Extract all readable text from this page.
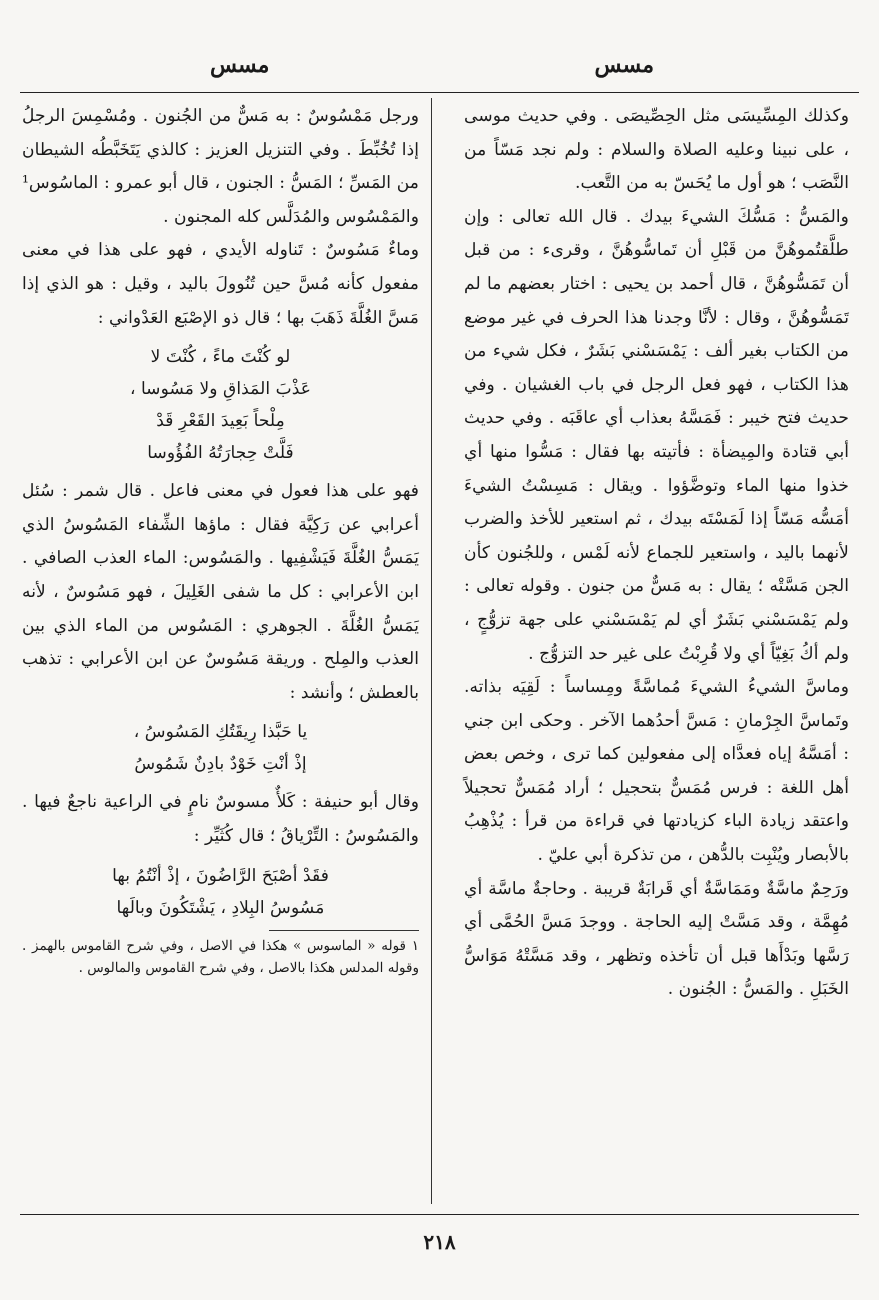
مسس
مسس

وكذلك المِسِّيسَى مثل الحِصِّيصَى . وفي حديث موسى ، على نبينا وعليه الصلاة والسلام : ولم نجد مَسّاً من النَّصَب ؛ هو أول ما يُحَسّ به من التَّعب.

والمَسُّ : مَسُّكَ الشيءَ بيدك . قال الله تعالى : وإن طلَّقتُموهُنَّ من قَبْلِ أن تَماسُّوهُنَّ ، وقرىء : من قبل أن تَمَسُّوهُنَّ ، قال أحمد بن يحيى : اختار بعضهم ما لم تَمَسُّوهُنَّ ، وقال : لأنَّا وجدنا هذا الحرف في غير موضع من الكتاب بغير ألف : يَمْسَسْني بَشَرٌ ، فكل شيء من هذا الكتاب ، فهو فعل الرجل في باب الغشيان . وفي حديث فتح خيبر : فَمَسَّهُ بعذاب أي عاقَبَه . وفي حديث أبي قتادة والمِيضأة : فأتيته بها فقال : مَسُّوا منها أي خذوا منها الماء وتوضَّؤوا . ويقال : مَسِسْتُ الشيءَ أمَسُّه مَسّاً إذا لَمَسْتَه بيدك ، ثم استعير للأخذ والضرب لأنهما باليد ، واستعير للجماع لأنه لَمْس ، وللجُنون كأن الجن مَسَّتْه ؛ يقال : به مَسٌّ من جنون . وقوله تعالى : ولم يَمْسَسْني بَشَرٌ أي لم يَمْسَسْني على جهة تزوُّجٍ ، ولم أكُ بَغِيّاً أي ولا قُرِبْتُ على غير حد التزوُّج .

وماسَّ الشيءُ الشيءَ مُماسَّةً ومِساساً : لَقِيَه بذاته. وتَماسَّ الجِرْمانِ : مَسَّ أحدُهما الآخر . وحكى ابن جني : أمَسَّهُ إياه فعدَّاه إلى مفعولين كما ترى ، وخص بعض أهل اللغة : فرس مُمَسٌّ بتحجيل ؛ أراد مُمَسٌّ تحجيلاً واعتقد زيادة الباء كزيادتها في قراءة من قرأ : يُذْهِبُ بالأبصار ويُنْبِت بالدُّهن ، من تذكرة أبي عليّ .

ورَحِمٌ ماسَّةٌ ومَمَاسَّةٌ أي قَرابَةٌ قريبة . وحاجةٌ ماسَّة أي مُهِمَّة ، وقد مَسَّتْ إليه الحاجة . ووجدَ مَسَّ الحُمَّى أي رَسَّها وبَدْأَها قبل أن تأخذه وتظهر ، وقد مَسَّتْهُ مَوَاسُّ الخَبَلِ . والمَسُّ : الجُنون .

ورجل مَمْسُوسٌ : به مَسٌّ من الجُنون . ومُسْمِسَ الرجلُ إذا تُخُبِّطَ . وفي التنزيل العزيز : كالذي يَتَخَبَّطُه الشيطان من المَسِّ ؛ المَسُّ : الجنون ، قال أبو عمرو : الماسُوس¹ والمَمْسُوس والمُدَلَّس كله المجنون .

وماءٌ مَسُوسٌ : تَناوله الأيدي ، فهو على هذا في معنى مفعول كأنه مُسَّ حين تُنُوولَ باليد ، وقيل : هو الذي إذا مَسَّ الغُلَّةَ ذَهَبَ بها ؛ قال ذو الإصْبَع العَدْواني :

لو كُنْتَ ماءً ، كُنْتَ لا
عَذْبَ المَذاقِ ولا مَسُوسا ،
مِلْحاً بَعِيدَ القَعْرِ قَدْ
فَلَّتْ حِجارَتُهُ الفُؤُوسا

فهو على هذا فعول في معنى فاعل . قال شمر : سُئل أعرابي عن رَكِيَّة فقال : ماؤها الشِّفاء المَسُوسُ الذي يَمَسُّ الغُلَّةَ فَيَشْفِيها . والمَسُوس: الماء العذب الصافي . ابن الأعرابي : كل ما شفى الغَلِيلَ ، فهو مَسُوسٌ ، لأنه يَمَسُّ الغُلَّةَ . الجوهري : المَسُوس من الماء الذي بين العذب والمِلح . وريقة مَسُوسٌ عن ابن الأعرابي : تذهب بالعطش ؛ وأنشد :

يا حَبَّذا رِيقَتُكِ المَسُوسُ ،
إذْ أنْتِ خَوْدٌ بادِنٌ شَمُوسُ

وقال أبو حنيفة : كَلأٌ مسوسٌ نامٍ في الراعية ناجعٌ فيها . والمَسُوسُ : التِّرْياقُ ؛ قال كُثَيِّر :

فقَدْ أصْبَحَ الرَّاضُونَ ، إذْ أنْتُمُ بها
مَسُوسُ البِلادِ ، يَشْتَكُونَ وبالَها

١ قوله « الماسوس » هكذا في الاصل ، وفي شرح القاموس بالهمز . وقوله المدلس هكذا بالاصل ، وفي شرح القاموس والمالوس .

٢١٨
